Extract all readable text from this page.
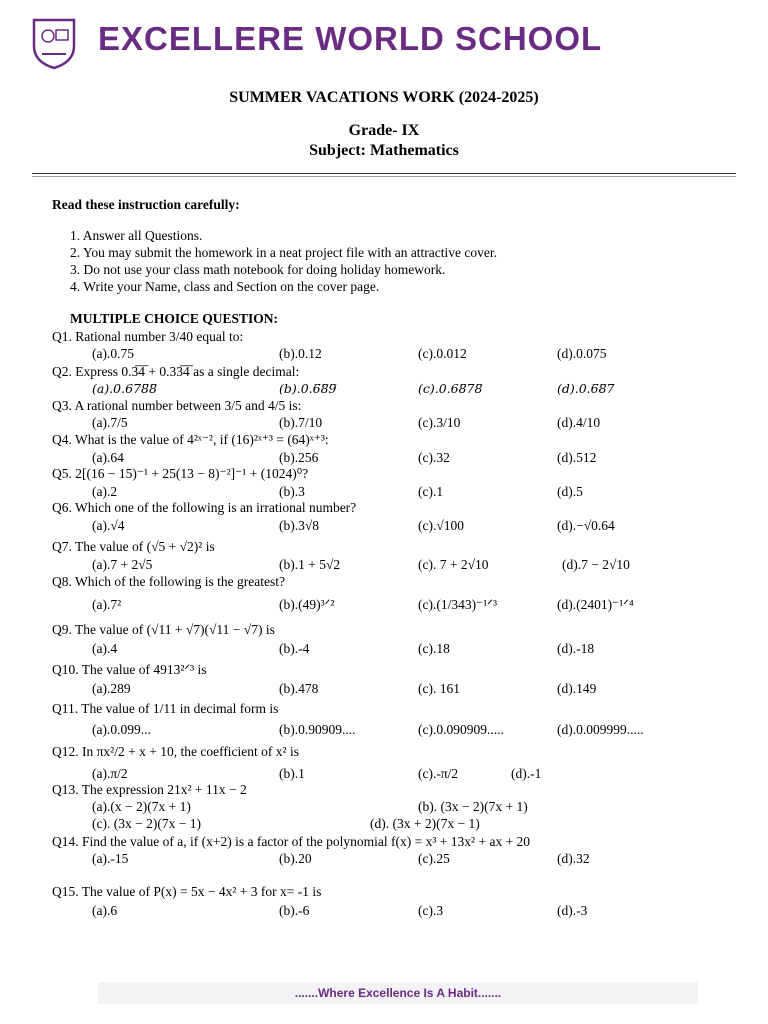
EXCELLERE WORLD SCHOOL
SUMMER VACATIONS WORK (2024-2025)
Grade- IX
Subject: Mathematics
Read these instruction carefully:
1. Answer all Questions.
2. You may submit the homework in a neat project file with an attractive cover.
3. Do not use your class math notebook for doing holiday homework.
4. Write your Name, class and Section on the cover page.
MULTIPLE CHOICE QUESTION:
Q1. Rational number 3/40 equal to:
(a).0.75	(b).0.12	(c).0.012	(d).0.075
Q2. Express 0.3̅4̅ + 0.33̅4̅ as a single decimal:
(a).0.67̅8̅8̅	(b).0.6̅8̅9̅	(c).0.68̅7̅8̅	(d).0.6̅8̅7̅
Q3. A rational number between 3/5 and 4/5 is:
(a).7/5	(b).7/10	(c).3/10	(d).4/10
Q4. What is the value of 4²ˣ⁻², if (16)²ˣ⁺³ = (64)ˣ⁺³:
(a).64	(b).256	(c).32	(d).512
Q5. 2[(16 − 15)⁻¹ + 25(13 − 8)⁻²]⁻¹ + (1024)⁰?
(a).2	(b).3	(c).1	(d).5
Q6. Which one of the following is an irrational number?
(a).√4	(b).3√8	(c).√100	(d).−√0.64
Q7. The value of (√5 + √2)² is
(a).7 + 2√5	(b).1 + 5√2	(c). 7 + 2√10	(d).7 − 2√10
Q8. Which of the following is the greatest?
(a).7²	(b).(49)³ᐟ²	(c).(1/343)⁻¹ᐟ³	(d).(2401)⁻¹ᐟ⁴
Q9. The value of (√11 + √7)(√11 − √7) is
(a).4	(b).-4	(c).18	(d).-18
Q10. The value of 4913²ᐟ³ is
(a).289	(b).478	(c). 161	(d).149
Q11. The value of 1/11 in decimal form is
(a).0.099...	(b).0.90909....	(c).0.090909.....	(d).0.009999.....
Q12. In πx²/2 + x + 10, the coefficient of x² is
(a).π/2	(b).1	(c).-π/2	(d).-1
Q13. The expression 21x² + 11x − 2
(a).(x − 2)(7x + 1)	(b). (3x − 2)(7x + 1)
(c). (3x − 2)(7x − 1)	(d). (3x + 2)(7x − 1)
Q14. Find the value of a, if (x+2) is a factor of the polynomial f(x) = x³ + 13x² + ax + 20
(a).-15	(b).20	(c).25	(d).32
Q15. The value of P(x) = 5x − 4x² + 3 for x= -1 is
(a).6	(b).-6	(c).3	(d).-3
.......Where Excellence Is A Habit.......
